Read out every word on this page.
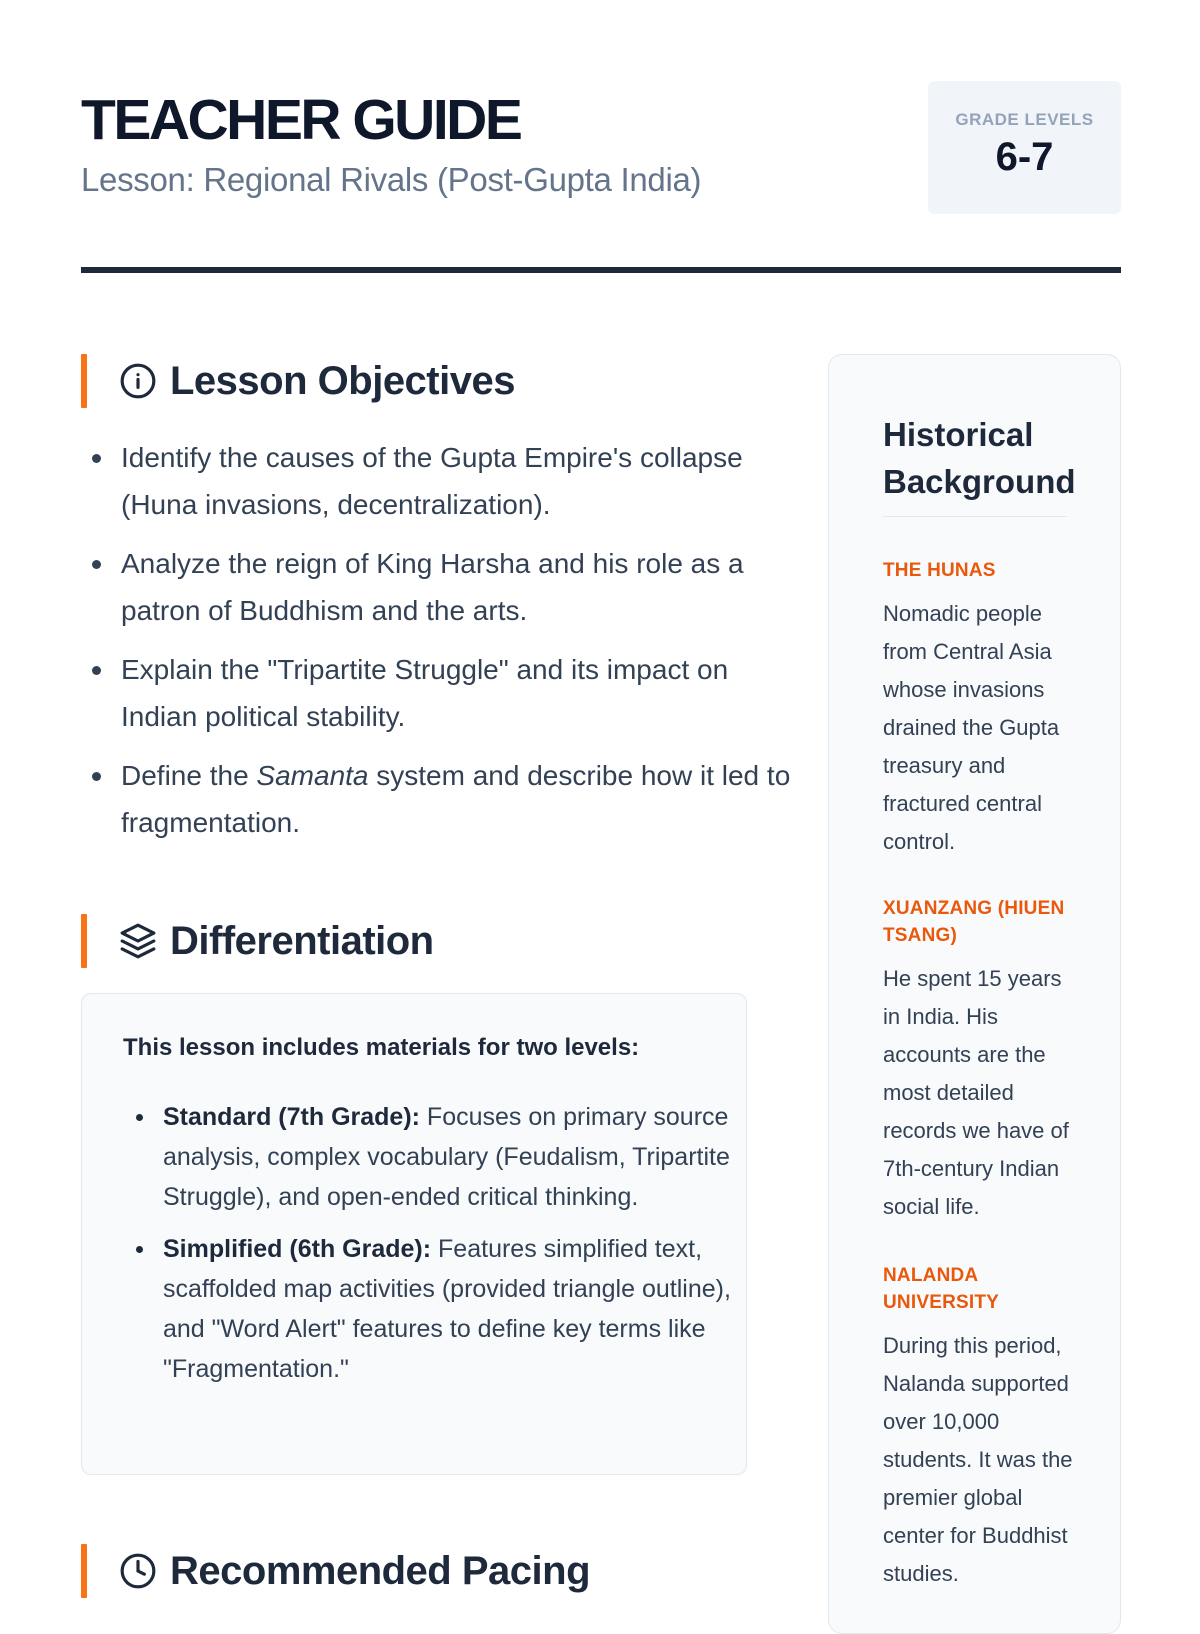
TEACHER GUIDE
Lesson: Regional Rivals (Post-Gupta India)
GRADE LEVELS
6-7
Lesson Objectives
Identify the causes of the Gupta Empire's collapse (Huna invasions, decentralization).
Analyze the reign of King Harsha and his role as a patron of Buddhism and the arts.
Explain the "Tripartite Struggle" and its impact on Indian political stability.
Define the Samanta system and describe how it led to fragmentation.
Differentiation
This lesson includes materials for two levels:
Standard (7th Grade): Focuses on primary source analysis, complex vocabulary (Feudalism, Tripartite Struggle), and open-ended critical thinking.
Simplified (6th Grade): Features simplified text, scaffolded map activities (provided triangle outline), and "Word Alert" features to define key terms like "Fragmentation."
Recommended Pacing
Historical Background
THE HUNAS
Nomadic people from Central Asia whose invasions drained the Gupta treasury and fractured central control.
XUANZANG (HIUEN TSANG)
He spent 15 years in India. His accounts are the most detailed records we have of 7th-century Indian social life.
NALANDA UNIVERSITY
During this period, Nalanda supported over 10,000 students. It was the premier global center for Buddhist studies.
